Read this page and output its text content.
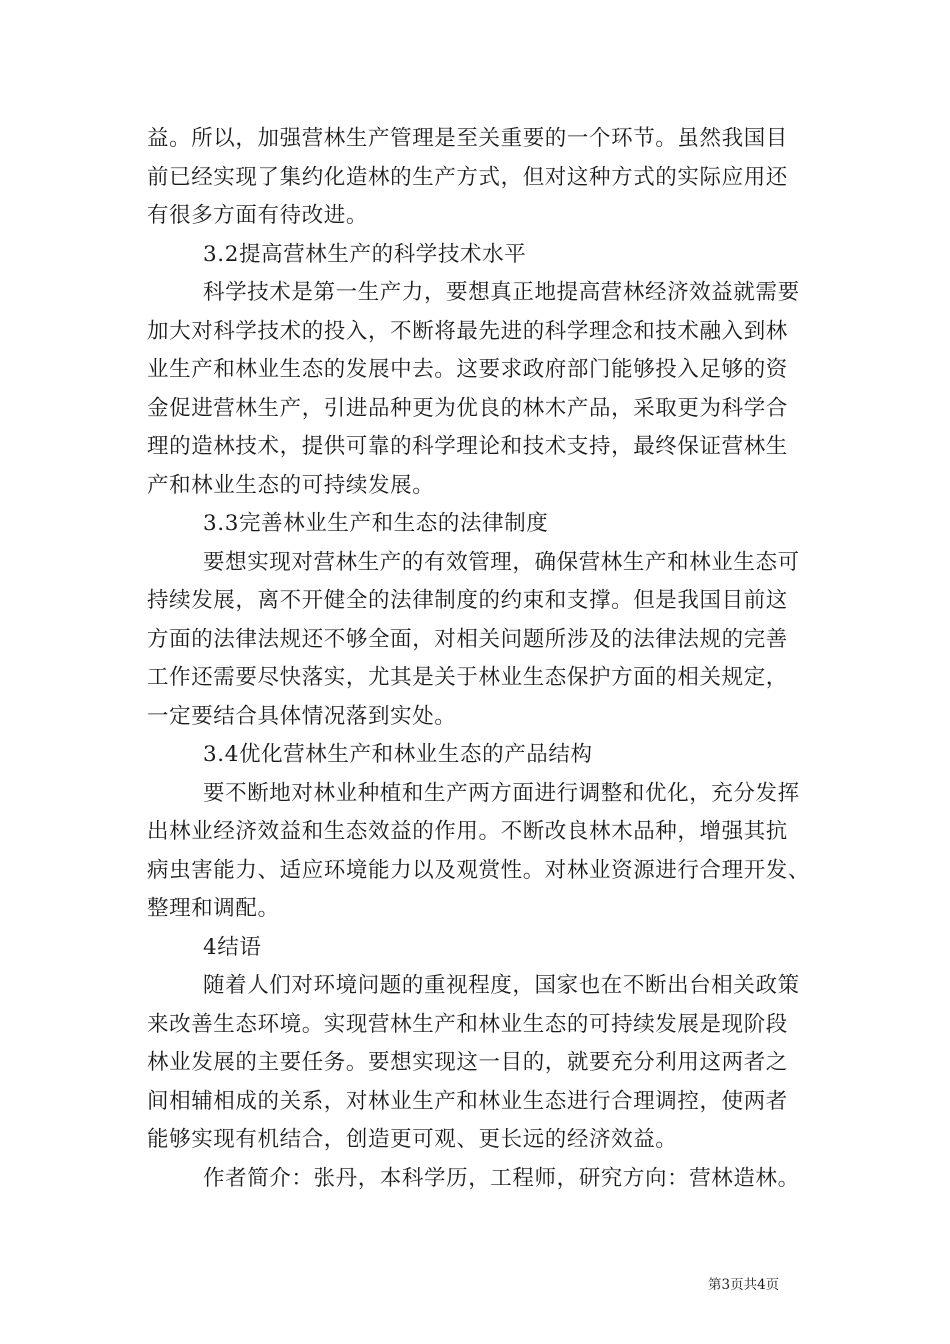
益。所以，加强营林生产管理是至关重要的一个环节。虽然我国目
前已经实现了集约化造林的生产方式，但对这种方式的实际应用还
有很多方面有待改进。
3.2提高营林生产的科学技术水平
科学技术是第一生产力，要想真正地提高营林经济效益就需要
加大对科学技术的投入，不断将最先进的科学理念和技术融入到林
业生产和林业生态的发展中去。这要求政府部门能够投入足够的资
金促进营林生产，引进品种更为优良的林木产品，采取更为科学合
理的造林技术，提供可靠的科学理论和技术支持，最终保证营林生
产和林业生态的可持续发展。
3.3完善林业生产和生态的法律制度
要想实现对营林生产的有效管理，确保营林生产和林业生态可
持续发展，离不开健全的法律制度的约束和支撑。但是我国目前这
方面的法律法规还不够全面，对相关问题所涉及的法律法规的完善
工作还需要尽快落实，尤其是关于林业生态保护方面的相关规定，
一定要结合具体情况落到实处。
3.4优化营林生产和林业生态的产品结构
要不断地对林业种植和生产两方面进行调整和优化，充分发挥
出林业经济效益和生态效益的作用。不断改良林木品种，增强其抗
病虫害能力、适应环境能力以及观赏性。对林业资源进行合理开发、
整理和调配。
4结语
随着人们对环境问题的重视程度，国家也在不断出台相关政策
来改善生态环境。实现营林生产和林业生态的可持续发展是现阶段
林业发展的主要任务。要想实现这一目的，就要充分利用这两者之
间相辅相成的关系，对林业生产和林业生态进行合理调控，使两者
能够实现有机结合，创造更可观、更长远的经济效益。
作者简介：张丹，本科学历，工程师，研究方向：营林造林。
第3页共4页
